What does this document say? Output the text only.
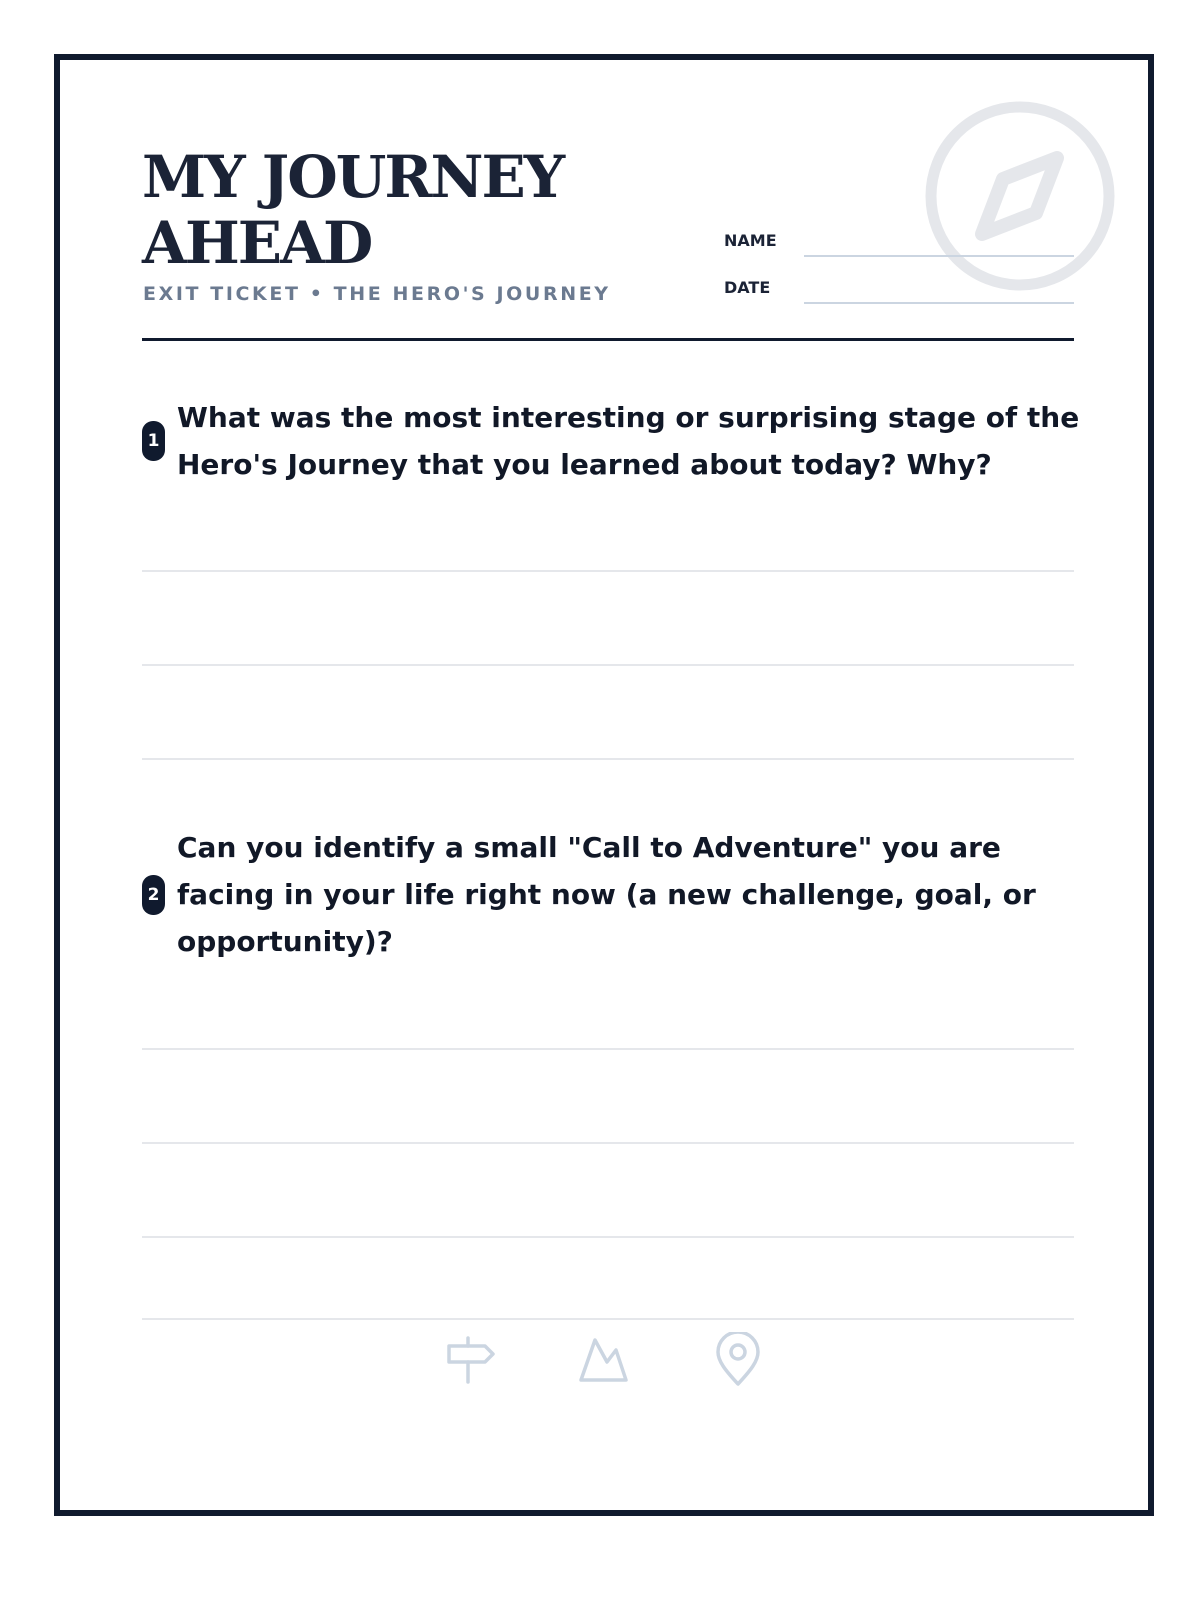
MY JOURNEY
AHEAD
EXIT TICKET • THE HERO'S JOURNEY
NAME
DATE
1
What was the most interesting or surprising stage of the Hero's Journey that you learned about today? Why?
2
Can you identify a small "Call to Adventure" you are facing in your life right now (a new challenge, goal, or opportunity)?
